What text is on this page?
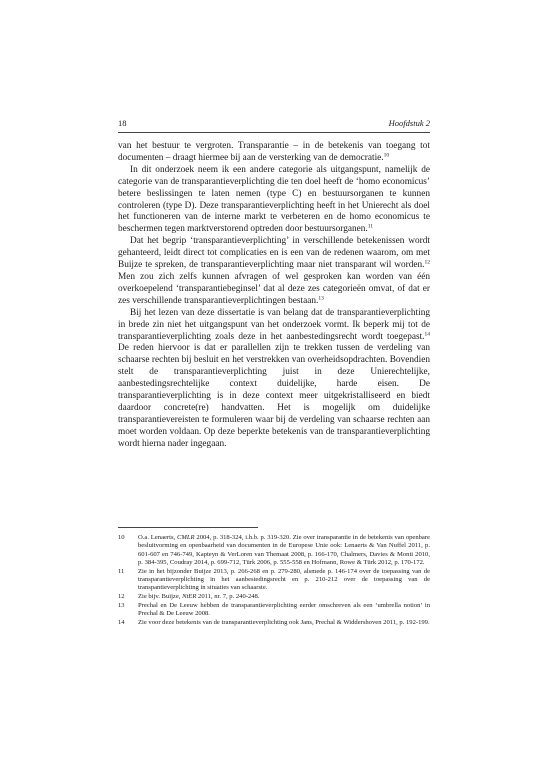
18	Hoofdstuk 2

van het bestuur te vergroten. Transparantie – in de betekenis van toegang tot documenten – draagt hiermee bij aan de versterking van de democratie.$^{10}$

In dit onderzoek neem ik een andere categorie als uitgangspunt, namelijk de categorie van de transparantieverplichting die ten doel heeft de ‘homo economicus’ betere beslissingen te laten nemen (type C) en bestuursorganen te kunnen controleren (type D). Deze transparantieverplichting heeft in het Unierecht als doel het functioneren van de interne markt te verbeteren en de homo economicus te beschermen tegen marktverstorend optreden door bestuursorganen.$^{11}$

Dat het begrip ‘transparantieverplichting’ in verschillende betekenissen wordt gehanteerd, leidt direct tot complicaties en is een van de redenen waarom, om met Buijze te spreken, de transparantieverplichting maar niet transparant wil worden.$^{12}$ Men zou zich zelfs kunnen afvragen of wel gesproken kan worden van één overkoepelend ‘transparantiebeginsel’ dat al deze zes categorieën omvat, of dat er zes verschillende transparantieverplichtingen bestaan.$^{13}$

Bij het lezen van deze dissertatie is van belang dat de transparantieverplichting in brede zin niet het uitgangspunt van het onderzoek vormt. Ik beperk mij tot de transparantieverplichting zoals deze in het aanbestedingsrecht wordt toegepast.$^{14}$ De reden hiervoor is dat er parallellen zijn te trekken tussen de verdeling van schaarse rechten bij besluit en het verstrekken van overheidsopdrachten. Bovendien stelt de transparantieverplichting juist in deze Unierechtelijke, aanbestedingsrechtelijke context duidelijke, harde eisen. De transparantieverplichting is in deze context meer uitgekristalliseerd en biedt daardoor concrete(re) handvatten. Het is mogelijk om duidelijke transparantievereisten te formuleren waar bij de verdeling van schaarse rechten aan moet worden voldaan. Op deze beperkte betekenis van de transparantieverplichting wordt hierna nader ingegaan.

10	O.a. Lenaerts, CMLR 2004, p. 318-324, i.h.b. p. 319-320. Zie over transparantie in de betekenis van openbare besluitvorming en openbaarheid van documenten in de Europese Unie ook: Lenaerts & Van Nuffel 2011, p. 601-607 en 746-749, Kapteyn & VerLoren van Themaat 2008, p. 166-170, Chalmers, Davies & Monti 2010, p. 384-395, Coudray 2014, p. 699-712, Türk 2006, p. 555-558 en Hofmann, Rowe & Türk 2012, p. 170-172.
11	Zie in het bijzonder Buijze 2013, p. 266-268 en p. 279-280, alsmede p. 146-174 over de toepassing van de transparantieverplichting in het aanbestedingsrecht en p. 210-212 over de toepassing van de transpantieverplichting in situaties van schaarste.
12	Zie bijv. Buijze, NtER 2011, nr. 7, p. 240-248.
13	Prechal en De Leeuw hebben de transparantieverplichting eerder omschreven als een ‘umbrella notion’ in Prechal & De Leeuw 2008.
14	Zie voor deze betekenis van de transparantieverplichting ook Jans, Prechal & Widdershoven 2011, p. 192-199.
